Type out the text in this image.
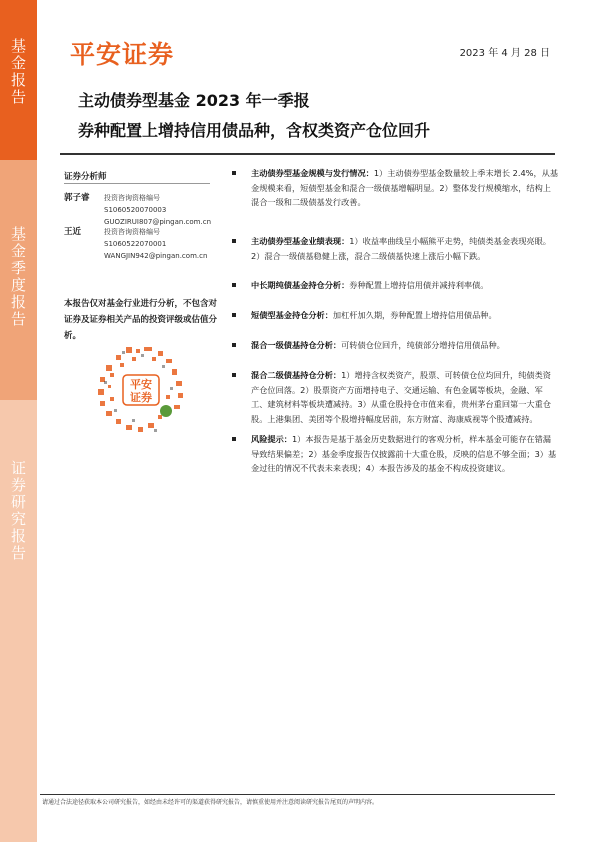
基金报告
基金季度报告
证券研究报告
平安证券	2023 年 4 月 28 日
主动债券型基金 2023 年一季报
券种配置上增持信用债品种，含权类资产仓位回升
证券分析师
郭子睿	投资咨询资格编号
S1060520070003
GUOZIRUI807@pingan.com.cn
王近	投资咨询资格编号
S1060522070001
WANGJIN942@pingan.com.cn
本报告仅对基金行业进行分析，不包含对证券及证券相关产品的投资评级或估值分析。
平安
证券
主动债券型基金规模与发行情况：1）主动债券型基金数量较上季末增长 2.4%，从基金规模来看，短债型基金和混合一级债基增幅明显。2）整体发行规模缩水，结构上混合一级和二级债基发行改善。
主动债券型基金业绩表现：1）收益率曲线呈小幅熊平走势，纯债类基金表现亮眼。2）混合一级债基稳健上涨，混合二级债基快速上涨后小幅下跌。
中长期纯债基金持仓分析：券种配置上增持信用债并减持利率债。
短债型基金持仓分析：加杠杆加久期，券种配置上增持信用债品种。
混合一级债基持仓分析：可转债仓位回升，纯债部分增持信用债品种。
混合二级债基持仓分析：1）增持含权类资产，股票、可转债仓位均回升，纯债类资产仓位回落。2）股票资产方面增持电子、交通运输、有色金属等板块，金融、军工、建筑材料等板块遭减持。3）从重仓股持仓市值来看，贵州茅台重回第一大重仓股。上港集团、美团等个股增持幅度居前，东方财富、海康威视等个股遭减持。
风险提示：1）本报告是基于基金历史数据进行的客观分析，样本基金可能存在错漏导致结果偏差；2）基金季度报告仅披露前十大重仓股，反映的信息不够全面；3）基金过往的情况不代表未来表现；4）本报告涉及的基金不构成投资建议。
请通过合法途径获取本公司研究报告，如经由未经许可的渠道获得研究报告，请慎重使用并注意阅读研究报告尾页的声明内容。
